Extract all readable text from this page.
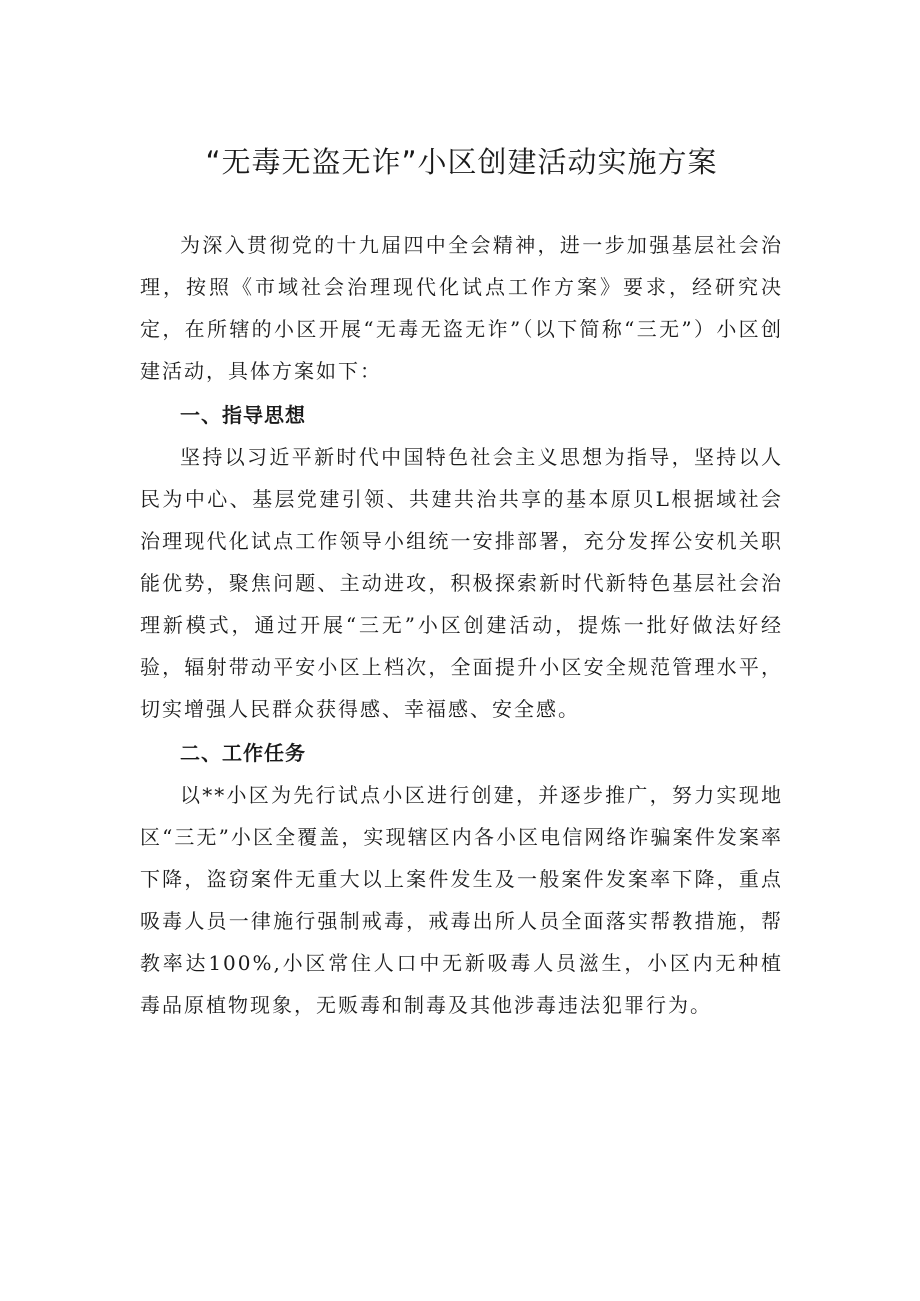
“无毒无盗无诈”小区创建活动实施方案

为深入贯彻党的十九届四中全会精神，进一步加强基层社会治理，按照《市域社会治理现代化试点工作方案》要求，经研究决定，在所辖的小区开展“无毒无盗无诈”（以下简称“三无”）小区创建活动，具体方案如下：

一、指导思想

坚持以习近平新时代中国特色社会主义思想为指导，坚持以人民为中心、基层党建引领、共建共治共享的基本原贝L根据域社会治理现代化试点工作领导小组统一安排部署，充分发挥公安机关职能优势，聚焦问题、主动进攻，积极探索新时代新特色基层社会治理新模式，通过开展“三无”小区创建活动，提炼一批好做法好经验，辐射带动平安小区上档次，全面提升小区安全规范管理水平，切实增强人民群众获得感、幸福感、安全感。

二、工作任务

以**小区为先行试点小区进行创建，并逐步推广，努力实现地区“三无”小区全覆盖，实现辖区内各小区电信网络诈骗案件发案率下降，盗窃案件无重大以上案件发生及一般案件发案率下降，重点吸毒人员一律施行强制戒毒，戒毒出所人员全面落实帮教措施，帮教率达100%,小区常住人口中无新吸毒人员滋生，小区内无种植毒品原植物现象，无贩毒和制毒及其他涉毒违法犯罪行为。
